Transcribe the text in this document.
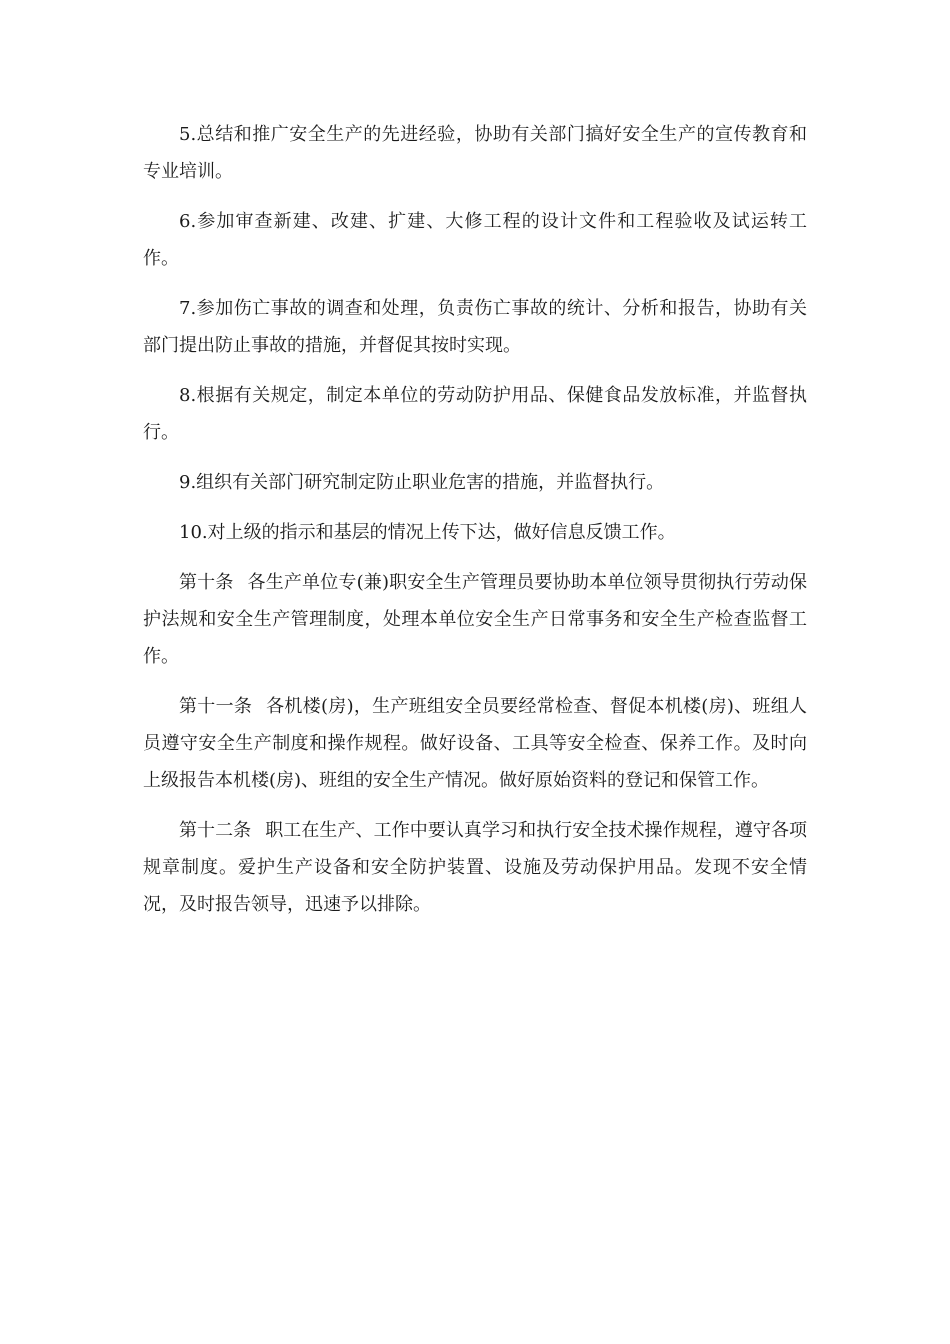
5.总结和推广安全生产的先进经验，协助有关部门搞好安全生产的宣传教育和专业培训。

6.参加审查新建、改建、扩建、大修工程的设计文件和工程验收及试运转工作。

7.参加伤亡事故的调查和处理，负责伤亡事故的统计、分析和报告，协助有关部门提出防止事故的措施，并督促其按时实现。

8.根据有关规定，制定本单位的劳动防护用品、保健食品发放标准，并监督执行。

9.组织有关部门研究制定防止职业危害的措施，并监督执行。

10.对上级的指示和基层的情况上传下达，做好信息反馈工作。

第十条 各生产单位专(兼)职安全生产管理员要协助本单位领导贯彻执行劳动保护法规和安全生产管理制度，处理本单位安全生产日常事务和安全生产检查监督工作。

第十一条 各机楼(房)，生产班组安全员要经常检查、督促本机楼(房)、班组人员遵守安全生产制度和操作规程。做好设备、工具等安全检查、保养工作。及时向上级报告本机楼(房)、班组的安全生产情况。做好原始资料的登记和保管工作。

第十二条 职工在生产、工作中要认真学习和执行安全技术操作规程，遵守各项规章制度。爱护生产设备和安全防护装置、设施及劳动保护用品。发现不安全情况，及时报告领导，迅速予以排除。
